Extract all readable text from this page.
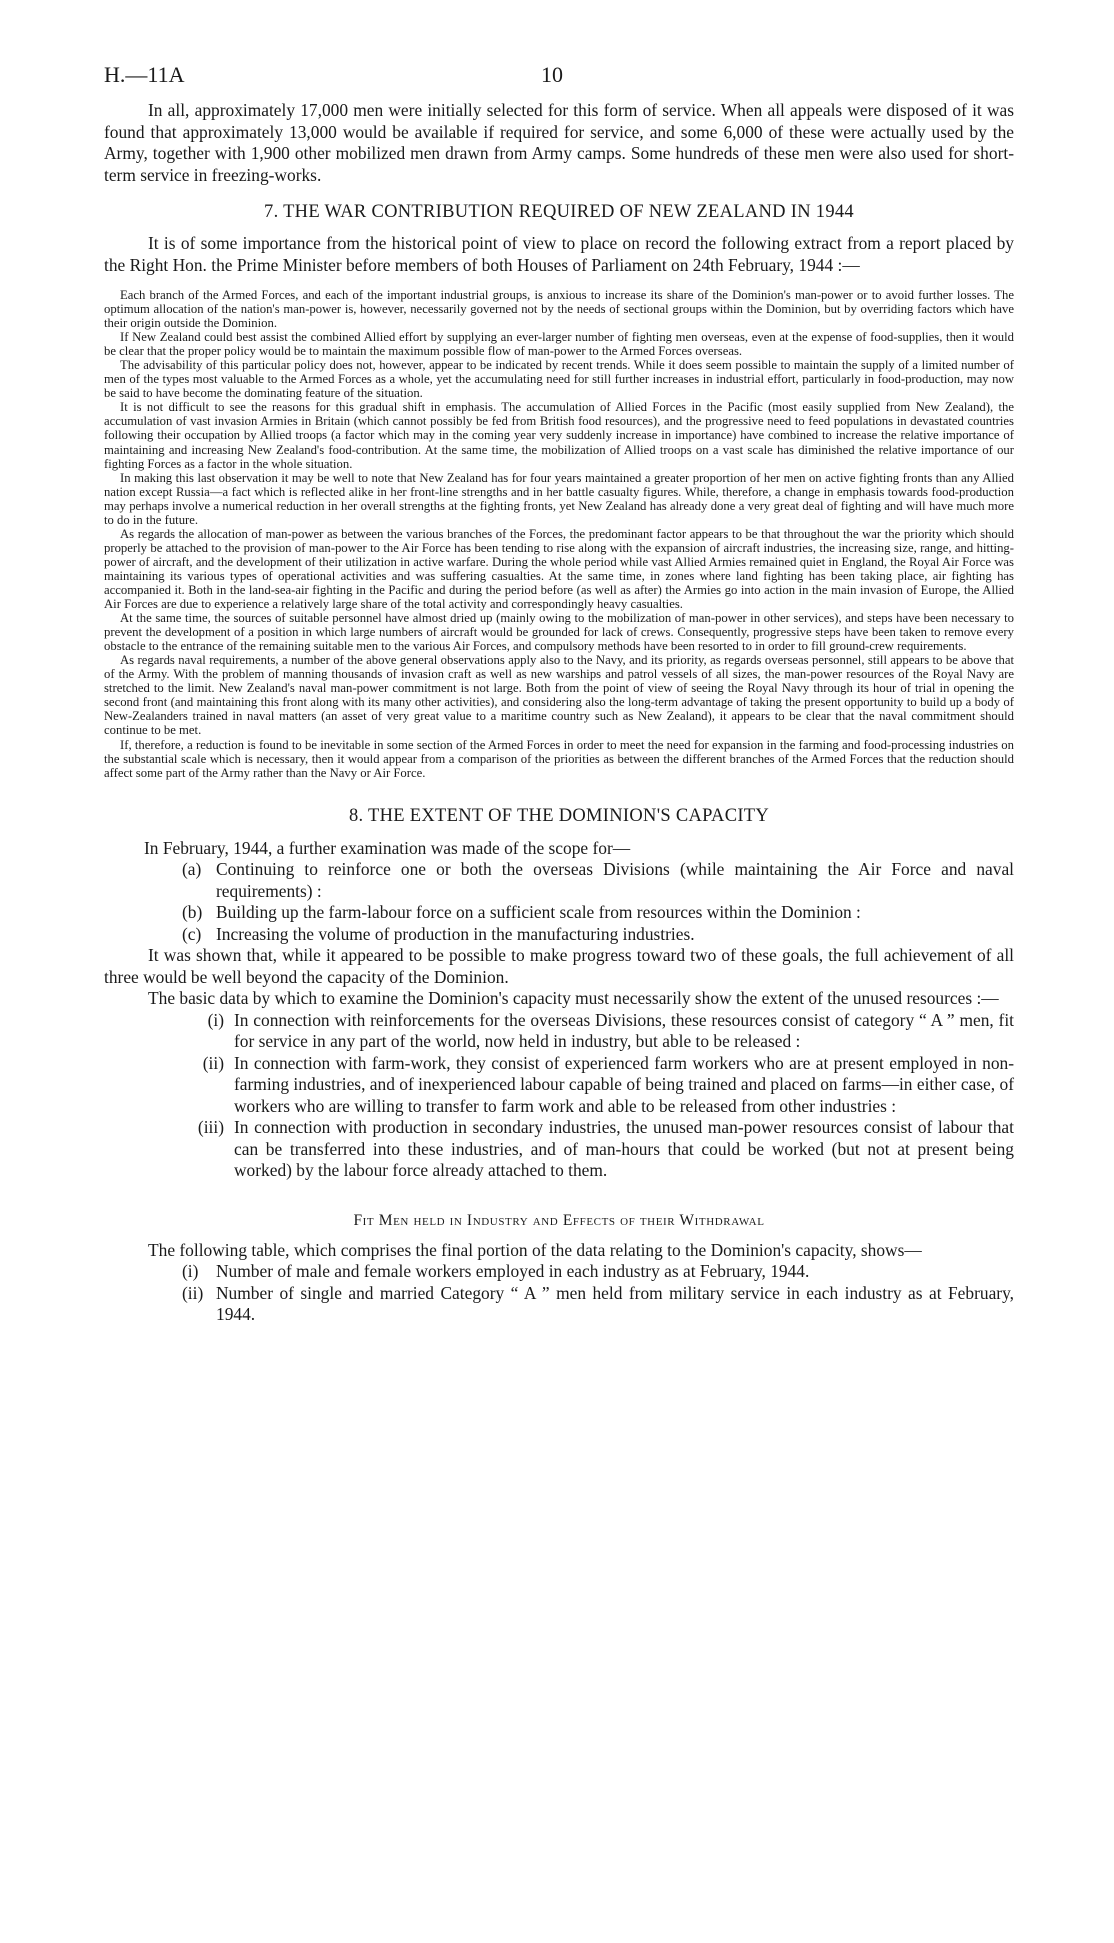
H.—11A	10

In all, approximately 17,000 men were initially selected for this form of service. When all appeals were disposed of it was found that approximately 13,000 would be available if required for service, and some 6,000 of these were actually used by the Army, together with 1,900 other mobilized men drawn from Army camps. Some hundreds of these men were also used for short-term service in freezing-works.

7. THE WAR CONTRIBUTION REQUIRED OF NEW ZEALAND IN 1944

It is of some importance from the historical point of view to place on record the following extract from a report placed by the Right Hon. the Prime Minister before members of both Houses of Parliament on 24th February, 1944 :—

Each branch of the Armed Forces, and each of the important industrial groups, is anxious to increase its share of the Dominion's man-power or to avoid further losses. The optimum allocation of the nation's man-power is, however, necessarily governed not by the needs of sectional groups within the Dominion, but by overriding factors which have their origin outside the Dominion.

If New Zealand could best assist the combined Allied effort by supplying an ever-larger number of fighting men overseas, even at the expense of food-supplies, then it would be clear that the proper policy would be to maintain the maximum possible flow of man-power to the Armed Forces overseas.

The advisability of this particular policy does not, however, appear to be indicated by recent trends. While it does seem possible to maintain the supply of a limited number of men of the types most valuable to the Armed Forces as a whole, yet the accumulating need for still further increases in industrial effort, particularly in food-production, may now be said to have become the dominating feature of the situation.

It is not difficult to see the reasons for this gradual shift in emphasis. The accumulation of Allied Forces in the Pacific (most easily supplied from New Zealand), the accumulation of vast invasion Armies in Britain (which cannot possibly be fed from British food resources), and the progressive need to feed populations in devastated countries following their occupation by Allied troops (a factor which may in the coming year very suddenly increase in importance) have combined to increase the relative importance of maintaining and increasing New Zealand's food-contribution. At the same time, the mobilization of Allied troops on a vast scale has diminished the relative importance of our fighting Forces as a factor in the whole situation.

In making this last observation it may be well to note that New Zealand has for four years maintained a greater proportion of her men on active fighting fronts than any Allied nation except Russia—a fact which is reflected alike in her front-line strengths and in her battle casualty figures. While, therefore, a change in emphasis towards food-production may perhaps involve a numerical reduction in her overall strengths at the fighting fronts, yet New Zealand has already done a very great deal of fighting and will have much more to do in the future.

As regards the allocation of man-power as between the various branches of the Forces, the predominant factor appears to be that throughout the war the priority which should properly be attached to the provision of man-power to the Air Force has been tending to rise along with the expansion of aircraft industries, the increasing size, range, and hitting-power of aircraft, and the development of their utilization in active warfare. During the whole period while vast Allied Armies remained quiet in England, the Royal Air Force was maintaining its various types of operational activities and was suffering casualties. At the same time, in zones where land fighting has been taking place, air fighting has accompanied it. Both in the land-sea-air fighting in the Pacific and during the period before (as well as after) the Armies go into action in the main invasion of Europe, the Allied Air Forces are due to experience a relatively large share of the total activity and correspondingly heavy casualties.

At the same time, the sources of suitable personnel have almost dried up (mainly owing to the mobilization of man-power in other services), and steps have been necessary to prevent the development of a position in which large numbers of aircraft would be grounded for lack of crews. Consequently, progressive steps have been taken to remove every obstacle to the entrance of the remaining suitable men to the various Air Forces, and compulsory methods have been resorted to in order to fill ground-crew requirements.

As regards naval requirements, a number of the above general observations apply also to the Navy, and its priority, as regards overseas personnel, still appears to be above that of the Army. With the problem of manning thousands of invasion craft as well as new warships and patrol vessels of all sizes, the man-power resources of the Royal Navy are stretched to the limit. New Zealand's naval man-power commitment is not large. Both from the point of view of seeing the Royal Navy through its hour of trial in opening the second front (and maintaining this front along with its many other activities), and considering also the long-term advantage of taking the present opportunity to build up a body of New-Zealanders trained in naval matters (an asset of very great value to a maritime country such as New Zealand), it appears to be clear that the naval commitment should continue to be met.

If, therefore, a reduction is found to be inevitable in some section of the Armed Forces in order to meet the need for expansion in the farming and food-processing industries on the substantial scale which is necessary, then it would appear from a comparison of the priorities as between the different branches of the Armed Forces that the reduction should affect some part of the Army rather than the Navy or Air Force.

8. THE EXTENT OF THE DOMINION'S CAPACITY

In February, 1944, a further examination was made of the scope for—

(a) Continuing to reinforce one or both the overseas Divisions (while maintaining the Air Force and naval requirements) :
(b) Building up the farm-labour force on a sufficient scale from resources within the Dominion :
(c) Increasing the volume of production in the manufacturing industries.

It was shown that, while it appeared to be possible to make progress toward two of these goals, the full achievement of all three would be well beyond the capacity of the Dominion.

The basic data by which to examine the Dominion's capacity must necessarily show the extent of the unused resources :—

(i) In connection with reinforcements for the overseas Divisions, these resources consist of category “ A ” men, fit for service in any part of the world, now held in industry, but able to be released :
(ii) In connection with farm-work, they consist of experienced farm workers who are at present employed in non-farming industries, and of inexperienced labour capable of being trained and placed on farms—in either case, of workers who are willing to transfer to farm work and able to be released from other industries :
(iii) In connection with production in secondary industries, the unused man-power resources consist of labour that can be transferred into these industries, and of man-hours that could be worked (but not at present being worked) by the labour force already attached to them.
Fit Men held in Industry and Effects of their Withdrawal

The following table, which comprises the final portion of the data relating to the Dominion's capacity, shows—

(i)	Number of male and female workers employed in each industry as at February, 1944.
(ii) Number of single and married Category “ A ” men held from military service in each industry as at February, 1944.
